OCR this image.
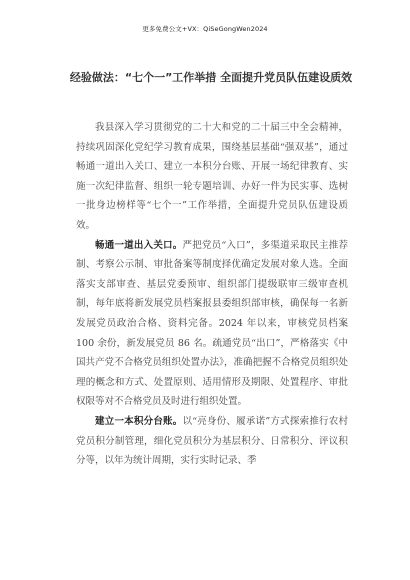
更多免费公文+VX：QiSeGongWen2024
经验做法：“七个一”工作举措 全面提升党员队伍建设质效

我县深入学习贯彻党的二十大和党的二十届三中全会精神，持续巩固深化党纪学习教育成果，围绕基层基础“强双基”，通过畅通一道出入关口、建立一本积分台账、开展一场纪律教育、实施一次纪律监督、组织一轮专题培训、办好一件为民实事、选树一批身边榜样等“七个一”工作举措，全面提升党员队伍建设质效。

畅通一道出入关口。严把党员“入口”，多渠道采取民主推荐制、考察公示制、审批备案等制度择优确定发展对象人选。全面落实支部审查、基层党委预审、组织部门提级联审三级审查机制，每年底将新发展党员档案报县委组织部审核，确保每一名新发展党员政治合格、资料完备。2024 年以来，审核党员档案 100 余份，新发展党员 86 名。疏通党员“出口”，严格落实《中国共产党不合格党员组织处置办法》，准确把握不合格党员组织处理的概念和方式、处置原则、适用情形及期限、处置程序、审批权限等对不合格党员及时进行组织处置。

建立一本积分台账。以“亮身份、履承诺”方式探索推行农村党员积分制管理，细化党员积分为基层积分、日常积分、评议积分等，以年为统计周期，实行实时记录、季
